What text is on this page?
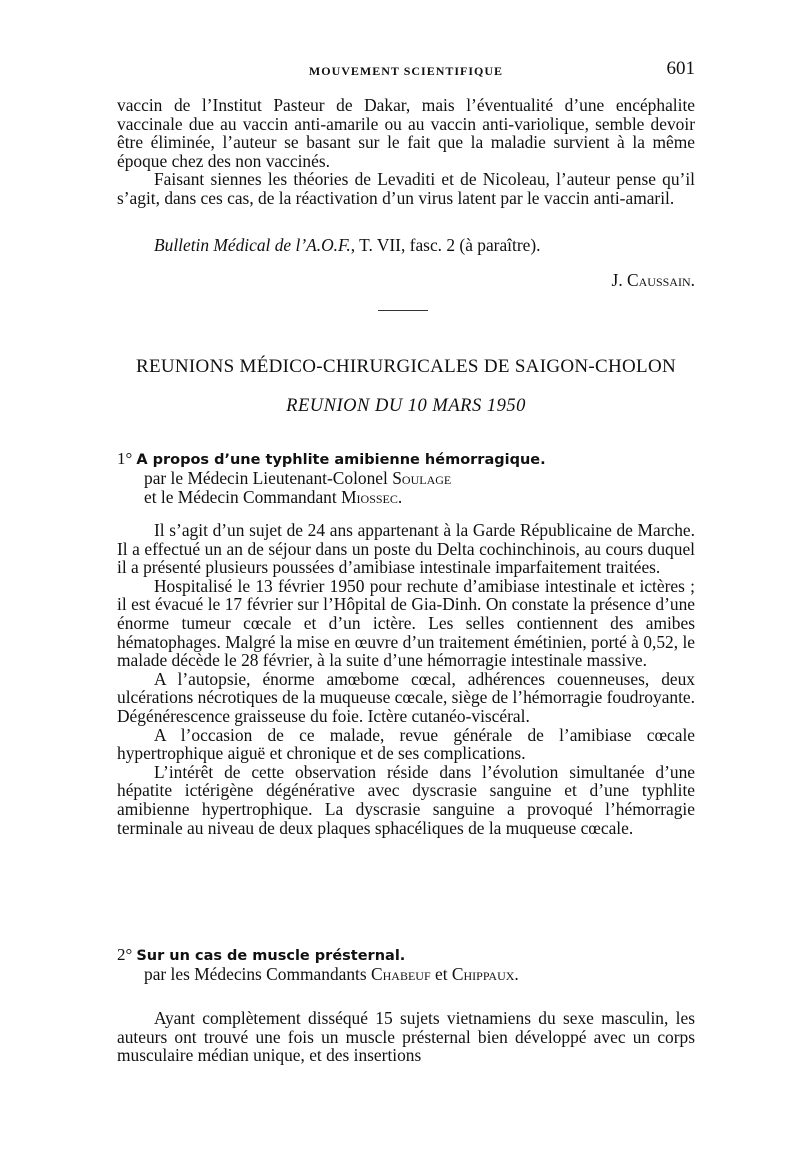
MOUVEMENT SCIENTIFIQUE	601

vaccin de l’Institut Pasteur de Dakar, mais l’éventualité d’une encéphalite vaccinale due au vaccin anti-amarile ou au vaccin anti-variolique, semble devoir être éliminée, l’auteur se basant sur le fait que la maladie survient à la même époque chez des non vaccinés.

Faisant siennes les théories de Levaditi et de Nicoleau, l’auteur pense qu’il s’agit, dans ces cas, de la réactivation d’un virus latent par le vaccin anti-amaril.

Bulletin Médical de l’A.O.F., T. VII, fasc. 2 (à paraître).
J. Caussain.
REUNIONS MÉDICO-CHIRURGICALES DE SAIGON-CHOLON
REUNION DU 10 MARS 1950
1° A propos d’une typhlite amibienne hémorragique.
par le Médecin Lieutenant-Colonel Soulage
et le Médecin Commandant Miossec.

Il s’agit d’un sujet de 24 ans appartenant à la Garde Républicaine de Marche. Il a effectué un an de séjour dans un poste du Delta cochinchinois, au cours duquel il a présenté plusieurs poussées d’amibiase intestinale imparfaitement traitées.

Hospitalisé le 13 février 1950 pour rechute d’amibiase intestinale et ictères ; il est évacué le 17 février sur l’Hôpital de Gia-Dinh. On constate la présence d’une énorme tumeur cœcale et d’un ictère. Les selles contiennent des amibes hématophages. Malgré la mise en œuvre d’un traitement émétinien, porté à 0,52, le malade décède le 28 février, à la suite d’une hémorragie intestinale massive.

A l’autopsie, énorme amœbome cœcal, adhérences couenneuses, deux ulcérations nécrotiques de la muqueuse cœcale, siège de l’hémorragie foudroyante. Dégénérescence graisseuse du foie. Ictère cutanéo-viscéral.

A l’occasion de ce malade, revue générale de l’amibiase cœcale hypertrophique aiguë et chronique et de ses complications.

L’intérêt de cette observation réside dans l’évolution simultanée d’une hépatite ictérigène dégénérative avec dyscrasie sanguine et d’une typhlite amibienne hypertrophique. La dyscrasie sanguine a provoqué l’hémorragie terminale au niveau de deux plaques sphacéliques de la muqueuse cœcale.

2° Sur un cas de muscle présternal.
par les Médecins Commandants Chabeuf et Chippaux.

Ayant complètement disséqué 15 sujets vietnamiens du sexe masculin, les auteurs ont trouvé une fois un muscle présternal bien développé avec un corps musculaire médian unique, et des insertions
